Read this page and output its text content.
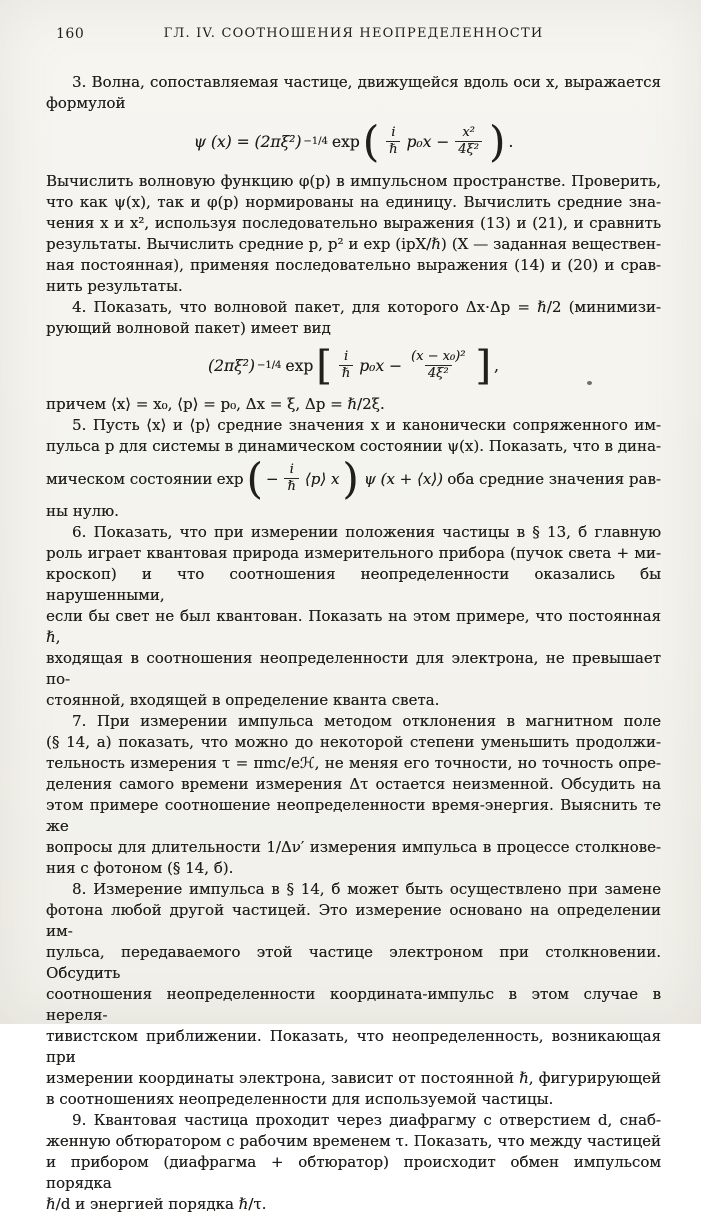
160	ГЛ. IV. СООТНОШЕНИЯ НЕОПРЕДЕЛЕННОСТИ
3. Волна, сопоставляемая частице, движущейся вдоль оси x, выражается
формулой
ψ (x) = (2πξ²) −1/4 exp ( $\frac{i}{\text{ℏ}} p_0x - \frac{\text{x²}}{\text{4ξ²}}$ ) .
Вычислить волновую функцию φ(p) в импульсном пространстве. Проверить,
что как ψ(x), так и φ(p) нормированы на единицу. Вычислить средние зна-
чения x и x², используя последовательно выражения (13) и (21), и сравнить
результаты. Вычислить средние p, p² и exp (ipX/ℏ) (X — заданная веществен-
ная постоянная), применяя последовательно выражения (14) и (20) и срав-
нить результаты.
4. Показать, что волновой пакет, для которого Δx·Δp = ℏ/2 (минимизи-
рующий волновой пакет) имеет вид
(2πξ²) −1/4 exp [ $\frac{i}{\text{ℏ}} p_0x - \frac{\text{(x − x₀)²}}{\text{4ξ²}}$ ] ,
причем ⟨x⟩ = x₀, ⟨p⟩ = p₀, Δx = ξ, Δp = ℏ/2ξ.
5. Пусть ⟨x⟩ и ⟨p⟩ средние значения x и канонически сопряженного им-
пульса p для системы в динамическом состоянии ψ(x). Показать, что в дина-
мическом состоянии exp ( − $\frac{i}{\text{ℏ}}$ ⟨p⟩ x ) ψ (x + ⟨x⟩) оба средние значения рав-
ны нулю.
6. Показать, что при измерении положения частицы в § 13, б главную
роль играет квантовая природа измерительного прибора (пучок света + ми-
кроскоп) и что соотношения неопределенности оказались бы нарушенными,
если бы свет не был квантован. Показать на этом примере, что постоянная ℏ,
входящая в соотношения неопределенности для электрона, не превышает по-
стоянной, входящей в определение кванта света.
7. При измерении импульса методом отклонения в магнитном поле
(§ 14, а) показать, что можно до некоторой степени уменьшить продолжи-
тельность измерения τ = πmc/eℋ, не меняя его точности, но точность опре-
деления самого времени измерения Δτ остается неизменной. Обсудить на
этом примере соотношение неопределенности время-энергия. Выяснить те же
вопросы для длительности 1/Δν′ измерения импульса в процессе столкнове-
ния с фотоном (§ 14, б).
8. Измерение импульса в § 14, б может быть осуществлено при замене
фотона любой другой частицей. Это измерение основано на определении им-
пульса, передаваемого этой частице электроном при столкновении. Обсудить
соотношения неопределенности координата-импульс в этом случае в нереля-
тивистском приближении. Показать, что неопределенность, возникающая при
измерении координаты электрона, зависит от постоянной ℏ, фигурирующей
в соотношениях неопределенности для используемой частицы.
9. Квантовая частица проходит через диафрагму с отверстием d, снаб-
женную обтюратором с рабочим временем τ. Показать, что между частицей
и прибором (диафрагма + обтюратор) происходит обмен импульсом порядка
ℏ/d и энергией порядка ℏ/τ.
